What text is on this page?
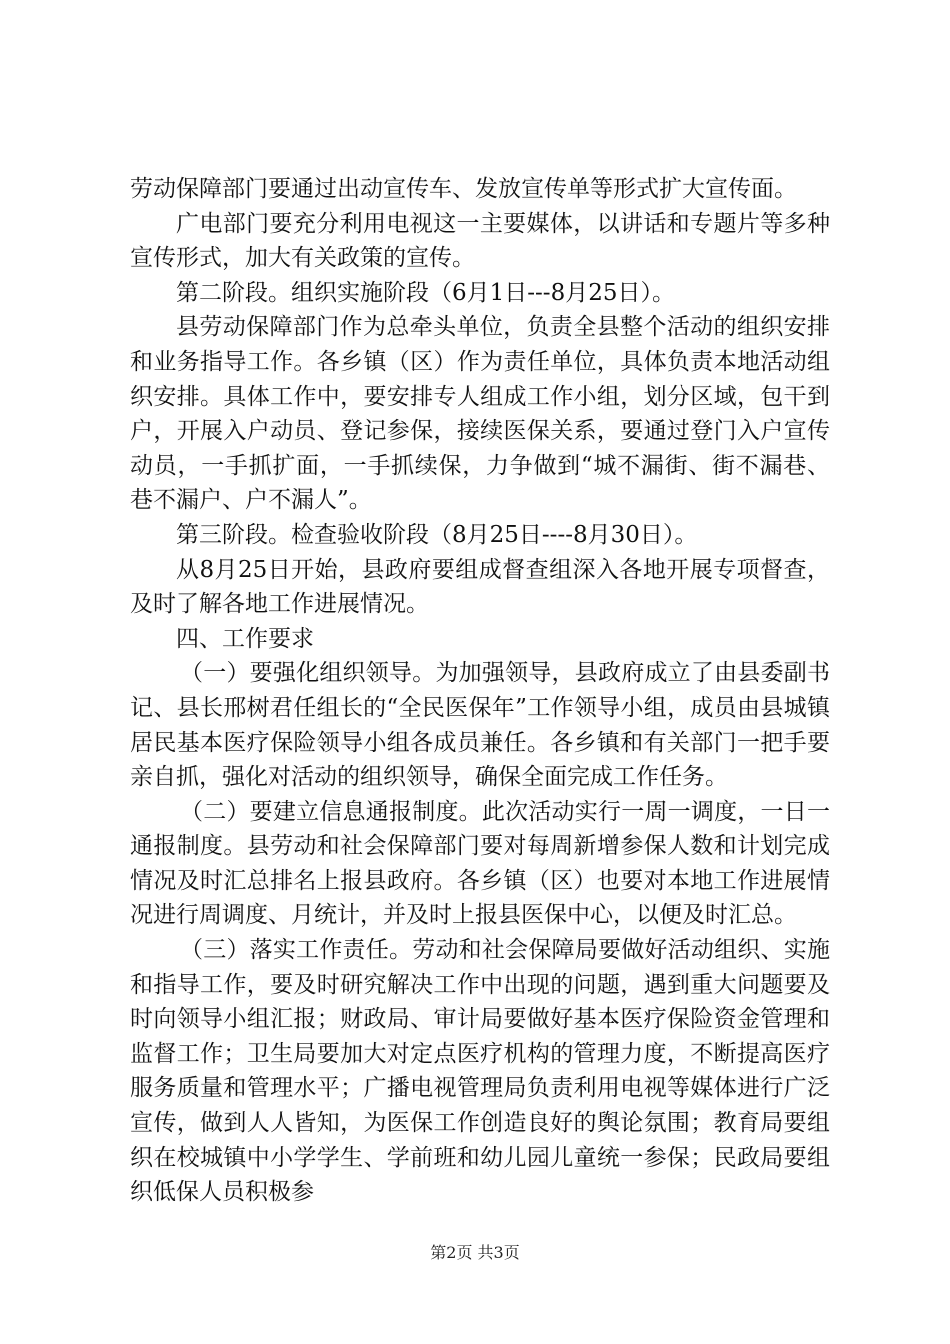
劳动保障部门要通过出动宣传车、发放宣传单等形式扩大宣传面。

广电部门要充分利用电视这一主要媒体，以讲话和专题片等多种宣传形式，加大有关政策的宣传。

第二阶段。组织实施阶段（6月1日---8月25日）。

县劳动保障部门作为总牵头单位，负责全县整个活动的组织安排和业务指导工作。各乡镇（区）作为责任单位，具体负责本地活动组织安排。具体工作中，要安排专人组成工作小组，划分区域，包干到户，开展入户动员、登记参保，接续医保关系，要通过登门入户宣传动员，一手抓扩面，一手抓续保，力争做到“城不漏街、街不漏巷、巷不漏户、户不漏人”。

第三阶段。检查验收阶段（8月25日----8月30日）。

从8月25日开始，县政府要组成督查组深入各地开展专项督查，及时了解各地工作进展情况。

四、工作要求

（一）要强化组织领导。为加强领导，县政府成立了由县委副书记、县长邢树君任组长的“全民医保年”工作领导小组，成员由县城镇居民基本医疗保险领导小组各成员兼任。各乡镇和有关部门一把手要亲自抓，强化对活动的组织领导，确保全面完成工作任务。

（二）要建立信息通报制度。此次活动实行一周一调度，一日一通报制度。县劳动和社会保障部门要对每周新增参保人数和计划完成情况及时汇总排名上报县政府。各乡镇（区）也要对本地工作进展情况进行周调度、月统计，并及时上报县医保中心，以便及时汇总。

（三）落实工作责任。劳动和社会保障局要做好活动组织、实施和指导工作，要及时研究解决工作中出现的问题，遇到重大问题要及时向领导小组汇报；财政局、审计局要做好基本医疗保险资金管理和监督工作；卫生局要加大对定点医疗机构的管理力度，不断提高医疗服务质量和管理水平；广播电视管理局负责利用电视等媒体进行广泛宣传，做到人人皆知，为医保工作创造良好的舆论氛围；教育局要组织在校城镇中小学学生、学前班和幼儿园儿童统一参保；民政局要组织低保人员积极参

第2页 共3页
